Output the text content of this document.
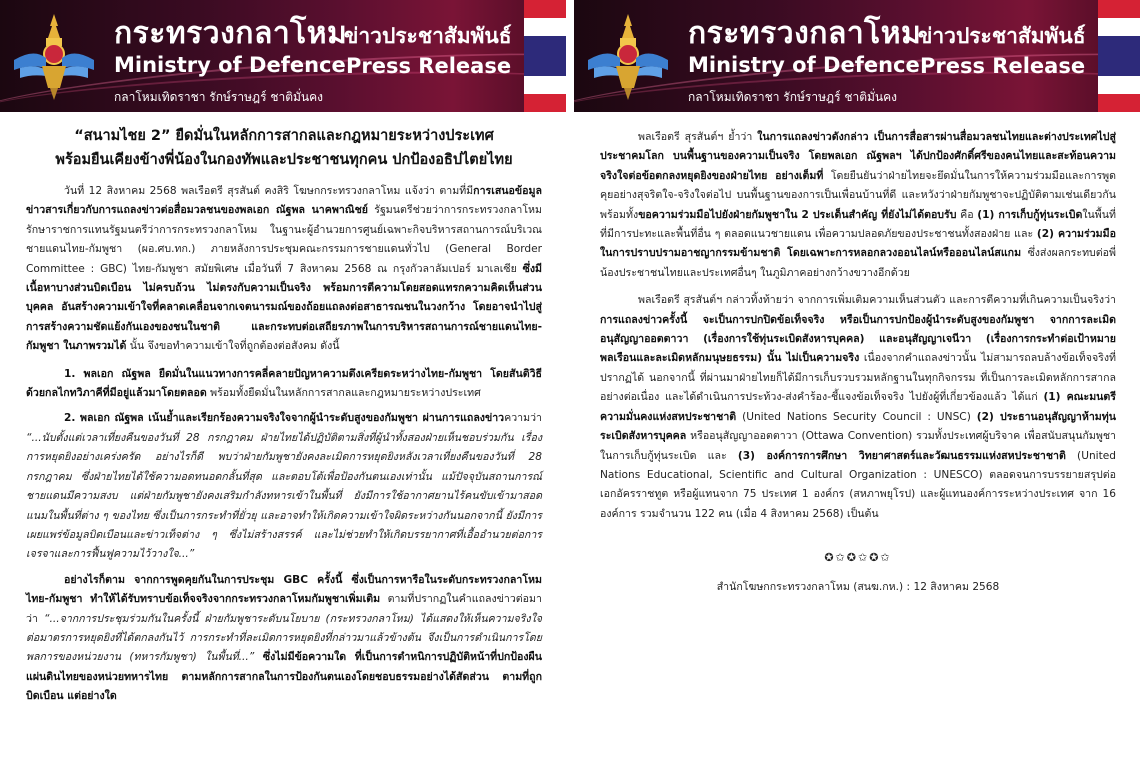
กระทรวงกลาโหม
Ministry of Defence
กลาโหมเทิดราชา รักษ์ราษฎร์ ชาติมั่นคง
ข่าวประชาสัมพันธ์
Press Release
“สนามไชย 2” ยืดมั่นในหลักการสากลและกฎหมายระหว่างประเทศ
พร้อมยืนเคียงข้างพี่น้องในกองทัพและประชาชนทุกคน ปกป้องอธิปไตยไทย

วันที่ 12 สิงหาคม 2568 พลเรือตรี สุรสันต์ คงสิริ โฆษกกระทรวงกลาโหม แจ้งว่า ตามที่มีการเสนอข้อมูลข่าวสารเกี่ยวกับการแถลงข่าวต่อสื่อมวลชนของพลเอก ณัฐพล นาคพาณิชย์ รัฐมนตรีช่วยว่าการกระทรวงกลาโหม รักษาราชการแทนรัฐมนตรีว่าการกระทรวงกลาโหม ในฐานะผู้อำนวยการศูนย์เฉพาะกิจบริหารสถานการณ์บริเวณชายแดนไทย-กัมพูชา (ผอ.ศบ.ทก.) ภายหลังการประชุมคณะกรรมการชายแดนทั่วไป (General Border Committee : GBC) ไทย-กัมพูชา สมัยพิเศษ เมื่อวันที่ 7 สิงหาคม 2568 ณ กรุงกัวลาลัมเปอร์ มาเลเซีย ซึ่งมีเนื้อหาบางส่วนบิดเบือน ไม่ครบถ้วน ไม่ตรงกับความเป็นจริง พร้อมการตีความโดยสอดแทรกความคิดเห็นส่วนบุคคล อันสร้างความเข้าใจที่คลาดเคลื่อนจากเจตนารมณ์ของถ้อยแถลงต่อสาธารณชนในวงกว้าง โดยอาจนำไปสู่การสร้างความชัดแย้งกันเองของชนในชาติ และกระทบต่อเสถียรภาพในการบริหารสถานการณ์ชายแดนไทย-กัมพูชา ในภาพรวมได้ นั้น จึงขอทำความเข้าใจที่ถูกต้องต่อสังคม ดังนี้

1. พลเอก ณัฐพล ยืดมั่นในแนวทางการคลี่คลายปัญหาความตึงเครียดระหว่างไทย-กัมพูชา โดยสันติวิธี ด้วยกลไกทวิภาคีที่มีอยู่แล้วมาโดยตลอด พร้อมทั้งยืดมั่นในหลักการสากลและกฎหมายระหว่างประเทศ

2. พลเอก ณัฐพล เน้นย้ำและเรียกร้องความจริงใจจากผู้นำระดับสูงของกัมพูชา ผ่านการแถลงข่าวความว่า “...นับตั้งแต่เวลาเที่ยงคืนของวันที่ 28 กรกฎาคม ฝ่ายไทยได้ปฏิบัติตามสิ่งที่ผู้นำทั้งสองฝ่ายเห็นชอบร่วมกัน เรื่องการหยุดยิงอย่างเคร่งครัด อย่างไรก็ดี พบว่าฝ่ายกัมพูชายังคงละเมิดการหยุดยิงหลังเวลาเที่ยงคืนของวันที่ 28 กรกฎาคม ซึ่งฝ่ายไทยได้ใช้ความอดทนอดกลั้นที่สุด และตอบโต้เพื่อป้องกันตนเองเท่านั้น แม้ปัจจุบันสถานการณ์ชายแดนมีความสงบ แต่ฝ่ายกัมพูชายังคงเสริมกำลังทหารเข้าในพื้นที่ ยังมีการใช้อากาศยานไร้คนขับเข้ามาสอดแนมในพื้นที่ต่าง ๆ ของไทย ซึ่งเป็นการกระทำที่ยั่วยุ และอาจทำให้เกิดความเข้าใจผิดระหว่างกันนอกจากนี้ ยังมีการเผยแพร่ข้อมูลบิดเบือนและข่าวเท็จต่าง ๆ ซึ่งไม่สร้างสรรค์ และไม่ช่วยทำให้เกิดบรรยากาศที่เอื้ออำนวยต่อการเจรจาและการฟื้นฟูความไว้วางใจ...”

อย่างไรก็ตาม จากการพูดคุยกันในการประชุม GBC ครั้งนี้ ซึ่งเป็นการหารือในระดับกระทรวงกลาโหมไทย-กัมพูชา ทำให้ได้รับทราบข้อเท็จจริงจากกระทรวงกลาโหมกัมพูชาเพิ่มเติม ตามที่ปรากฏในคำแถลงข่าวต่อมาว่า “...จากการประชุมร่วมกันในครั้งนี้ ฝ่ายกัมพูชาระดับนโยบาย (กระทรวงกลาโหม) ได้แสดงให้เห็นความจริงใจต่อมาตรการหยุดยิงที่ได้ตกลงกันไว้ การกระทำที่ละเมิดการหยุดยิงที่กล่าวมาแล้วข้างต้น จึงเป็นการดำเนินการโดยพลการของหน่วยงาน (ทหารกัมพูชา) ในพื้นที่...” ซึ่งไม่มีข้อความใด ที่เป็นการตำหนิการปฏิบัติหน้าที่ปกป้องผืนแผ่นดินไทยของหน่วยทหารไทย ตามหลักการสากลในการป้องกันตนเองโดยชอบธรรมอย่างได้สัดส่วน ตามที่ถูกบิดเบือน แต่อย่างใด

กระทรวงกลาโหม
Ministry of Defence
กลาโหมเทิดราชา รักษ์ราษฎร์ ชาติมั่นคง
ข่าวประชาสัมพันธ์
Press Release

พลเรือตรี สุรสันต์ฯ ย้ำว่า ในการแถลงข่าวดังกล่าว เป็นการสื่อสารผ่านสื่อมวลชนไทยและต่างประเทศไปสู่ประชาคมโลก บนพื้นฐานของความเป็นจริง โดยพลเอก ณัฐพลฯ ได้ปกป้องศักดิ์ศรีของคนไทยและสะท้อนความจริงใจต่อข้อตกลงหยุดยิงของฝ่ายไทย อย่างเต็มที่ โดยยืนยันว่าฝ่ายไทยจะยึดมั่นในการให้ความร่วมมือและการพูดคุยอย่างสุจริตใจ-จริงใจต่อไป บนพื้นฐานของการเป็นเพื่อนบ้านที่ดี และหวังว่าฝ่ายกัมพูชาจะปฏิบัติตามเช่นเดียวกัน พร้อมทั้งขอความร่วมมือไปยังฝ่ายกัมพูชาใน 2 ประเด็นสำคัญ ที่ยังไม่ได้ตอบรับ คือ (1) การเก็บกู้ทุ่นระเบิดในพื้นที่ที่มีการปะทะและพื้นที่อื่น ๆ ตลอดแนวชายแดน เพื่อความปลอดภัยของประชาชนทั้งสองฝ่าย และ (2) ความร่วมมือในการปราบปรามอาชญากรรมข้ามชาติ โดยเฉพาะการหลอกลวงออนไลน์หรือออนไลน์สแกม ซึ่งส่งผลกระทบต่อพี่น้องประชาชนไทยและประเทศอื่นๆ ในภูมิภาคอย่างกว้างขวางอีกด้วย

พลเรือตรี สุรสันต์ฯ กล่าวทิ้งท้ายว่า จากการเพิ่มเติมความเห็นส่วนตัว และการตีความที่เกินความเป็นจริงว่า การแถลงข่าวครั้งนี้ จะเป็นการปกปิดข้อเท็จจริง หรือเป็นการปกป้องผู้นำระดับสูงของกัมพูชา จากการละเมิดอนุสัญญาออตตาวา (เรื่องการใช้ทุ่นระเบิดสังหารบุคคล) และอนุสัญญาเจนีวา (เรื่องการกระทำต่อเป้าหมายพลเรือนและละเมิดหลักมนุษยธรรม) นั้น ไม่เป็นความจริง เนื่องจากคำแถลงข่าวนั้น ไม่สามารถลบล้างข้อเท็จจริงที่ปรากฏได้ นอกจากนี้ ที่ผ่านมาฝ่ายไทยก็ได้มีการเก็บรวบรวมหลักฐานในทุกกิจกรรม ที่เป็นการละเมิดหลักการสากลอย่างต่อเนื่อง และได้ดำเนินการประท้วง-ส่งคำร้อง-ชี้แจงข้อเท็จจริง ไปยังผู้ที่เกี่ยวข้องแล้ว ได้แก่ (1) คณะมนตรีความมั่นคงแห่งสหประชาชาติ (United Nations Security Council : UNSC) (2) ประธานอนุสัญญาห้ามทุ่นระเบิดสังหารบุคคล หรืออนุสัญญาออตตาวา (Ottawa Convention) รวมทั้งประเทศผู้บริจาค เพื่อสนับสนุนกัมพูชาในการเก็บกู้ทุ่นระเบิด และ (3) องค์การการศึกษา วิทยาศาสตร์และวัฒนธรรมแห่งสหประชาชาติ (United Nations Educational, Scientific and Cultural Organization : UNESCO) ตลอดจนการบรรยายสรุปต่อเอกอัครราชทูต หรือผู้แทนจาก 75 ประเทศ 1 องค์กร (สหภาพยุโรป) และผู้แทนองค์การระหว่างประเทศ จาก 16 องค์การ รวมจำนวน 122 คน (เมื่อ 4 สิงหาคม 2568) เป็นต้น

✪✩✪✩✪✩
สำนักโฆษกกระทรวงกลาโหม (สนฆ.กห.) : 12 สิงหาคม 2568
